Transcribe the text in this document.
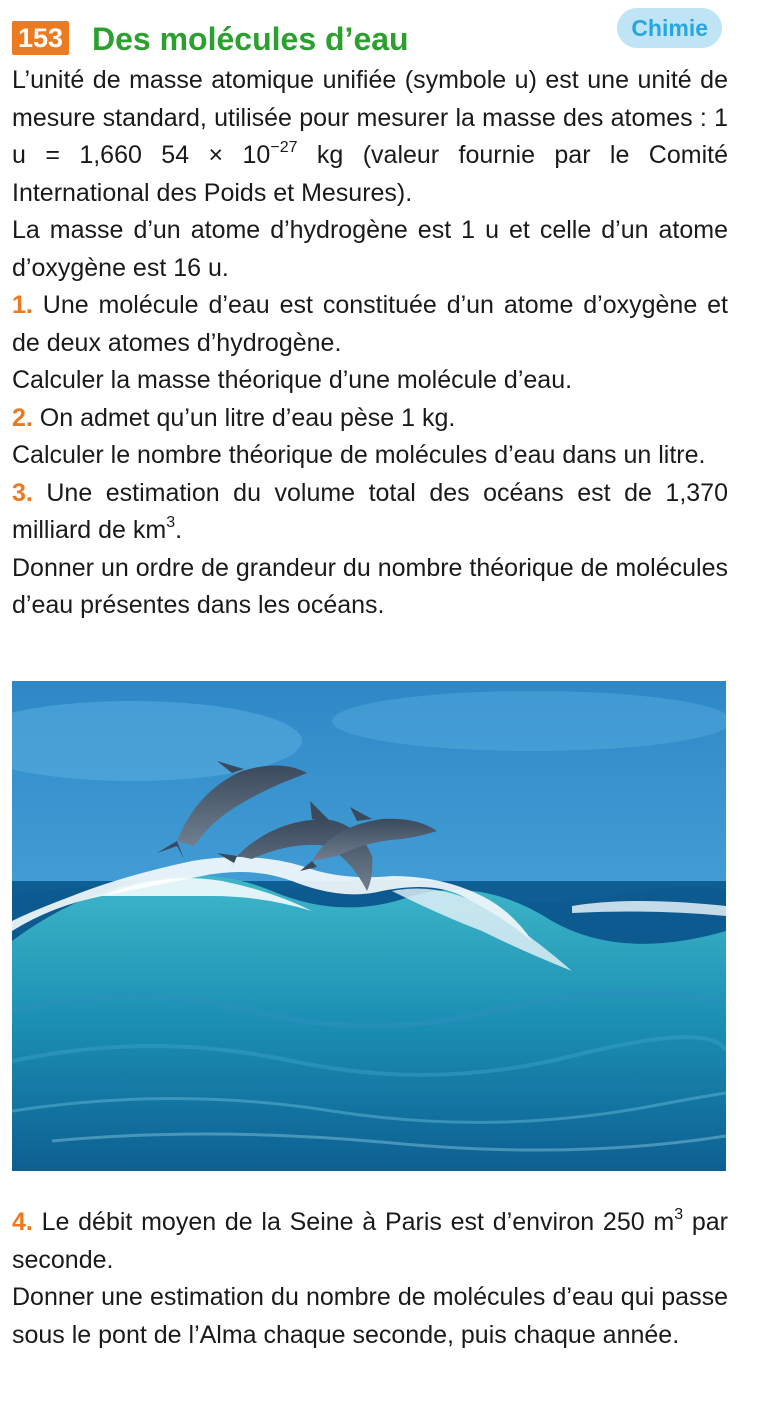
153 Des molécules d’eau	Chimie

L’unité de masse atomique unifiée (symbole u) est une unité de mesure standard, utilisée pour mesurer la masse des atomes : 1 u = 1,660 $54 \times 10^{-27}$ kg (valeur fournie par le Comité International des Poids et Mesures).

La masse d’un atome d’hydrogène est 1 u et celle d’un atome d’oxygène est 16 u.

1. Une molécule d’eau est constituée d’un atome d’oxygène et de deux atomes d’hydrogène.

Calculer la masse théorique d’une molécule d’eau.

2. On admet qu’un litre d’eau pèse 1 kg.

Calculer le nombre théorique de molécules d’eau dans un litre.

3. Une estimation du volume total des océans est de 1,370 milliard de $km^3$.

Donner un ordre de grandeur du nombre théorique de molécules d’eau présentes dans les océans.

4. Le débit moyen de la Seine à Paris est d’environ 250 $m^3$ par seconde.

Donner une estimation du nombre de molécules d’eau qui passe sous le pont de l’Alma chaque seconde, puis chaque année.
